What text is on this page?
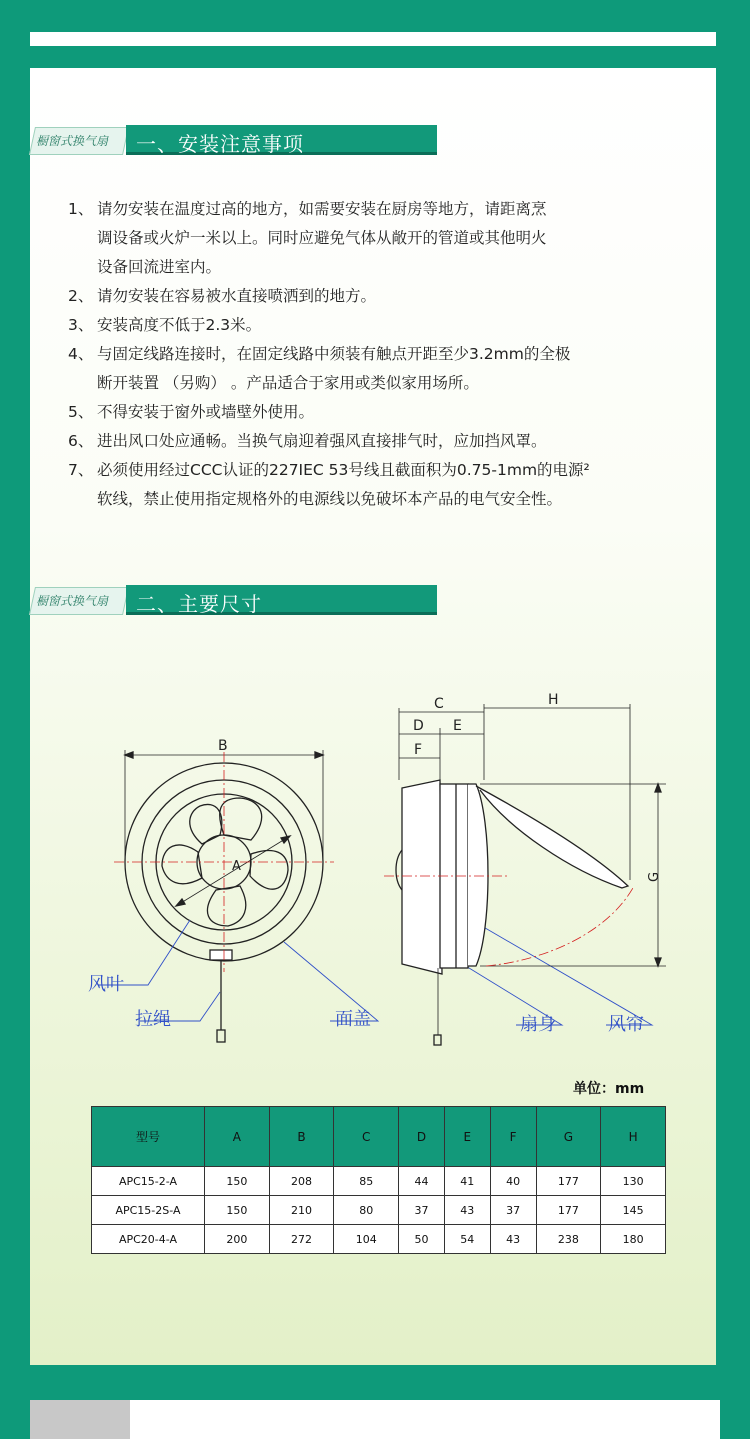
橱窗式换气扇 一、安装注意事项
1、 请勿安装在温度过高的地方，如需要安装在厨房等地方，请距离烹
调设备或火炉一米以上。同时应避免气体从敞开的管道或其他明火
设备回流进室内。
2、 请勿安装在容易被水直接喷洒到的地方。
3、 安装高度不低于2.3米。
4、 与固定线路连接时，在固定线路中须装有触点开距至少3.2mm的全极
断开装置 （另购） 。产品适合于家用或类似家用场所。
5、 不得安装于窗外或墙壁外使用。
6、 进出风口处应通畅。当换气扇迎着强风直接排气时，应加挡风罩。
7、 必须使用经过CCC认证的227IEC 53号线且截面积为0.75-1mm的电源²
软线，禁止使用指定规格外的电源线以免破坏本产品的电气安全性。
橱窗式换气扇 二、主要尺寸
B
A
风叶
拉绳	面盖	扇身	风帘
C
D E
F
H
G
单位：mm
型号	A	B	C	D	E	F	G	H
APC15-2-A	150	208	85	44	41	40	177	130
APC15-2S-A	150	210	80	37	43	37	177	145
APC20-4-A	200	272	104	50	54	43	238	180
